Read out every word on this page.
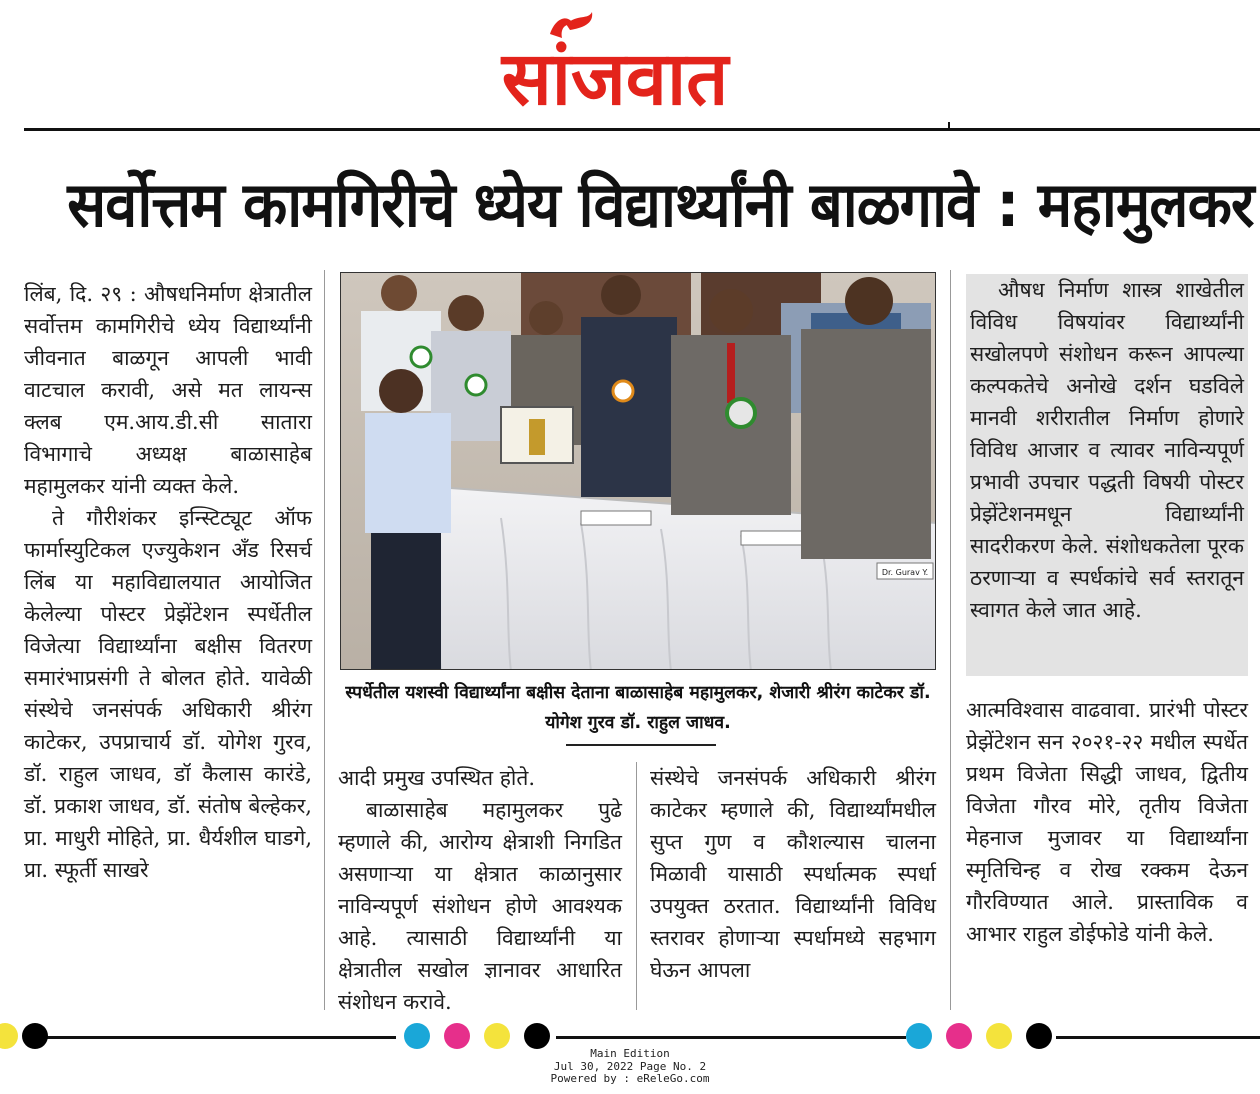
सांजवात
सर्वोत्तम कामगिरीचे ध्येय विद्यार्थ्यांनी बाळगावे : महामुलकर

लिंब, दि. २९ : औषधनिर्माण क्षेत्रातील सर्वोत्तम कामगिरीचे ध्येय विद्यार्थ्यांनी जीवनात बाळगून आपली भावी वाटचाल करावी, असे मत लायन्स क्लब एम.आय.डी.सी सातारा विभागाचे अध्यक्ष बाळासाहेब महामुलकर यांनी व्यक्त केले.

ते गौरीशंकर इन्स्टिट्यूट ऑफ फार्मास्युटिकल एज्युकेशन अँड रिसर्च लिंब या महाविद्यालयात आयोजित केलेल्या पोस्टर प्रेझेंटेशन स्पर्धेतील विजेत्या विद्यार्थ्यांना बक्षीस वितरण समारंभाप्रसंगी ते बोलत होते. यावेळी संस्थेचे जनसंपर्क अधिकारी श्रीरंग काटेकर, उपप्राचार्य डॉ. योगेश गुरव, डॉ. राहुल जाधव, डॉ कैलास कारंडे, डॉ. प्रकाश जाधव, डॉ. संतोष बेल्हेकर, प्रा. माधुरी मोहिते, प्रा. धैर्यशील घाडगे, प्रा. स्फूर्ती साखरे

Dr. Gurav Y.
स्पर्धेतील यशस्वी विद्यार्थ्यांना बक्षीस देताना बाळासाहेब महामुलकर, शेजारी श्रीरंग काटेकर डॉ. योगेश गुरव डॉ. राहुल जाधव.

आदी प्रमुख उपस्थित होते.

बाळासाहेब महामुलकर पुढे म्हणाले की, आरोग्य क्षेत्राशी निगडित असणाऱ्या या क्षेत्रात काळानुसार नाविन्यपूर्ण संशोधन होणे आवश्यक आहे. त्यासाठी विद्यार्थ्यांनी या क्षेत्रातील सखोल ज्ञानावर आधारित संशोधन करावे.

संस्थेचे जनसंपर्क अधिकारी श्रीरंग काटेकर म्हणाले की, विद्यार्थ्यांमधील सुप्त गुण व कौशल्यास चालना मिळावी यासाठी स्पर्धात्मक स्पर्धा उपयुक्त ठरतात. विद्यार्थ्यांनी विविध स्तरावर होणाऱ्या स्पर्धामध्ये सहभाग घेऊन आपला

औषध निर्माण शास्त्र शाखेतील विविध विषयांवर विद्यार्थ्यांनी सखोलपणे संशोधन करून आपल्या कल्पकतेचे अनोखे दर्शन घडविले मानवी शरीरातील निर्माण होणारे विविध आजार व त्यावर नाविन्यपूर्ण प्रभावी उपचार पद्धती विषयी पोस्टर प्रेझेंटेशनमधून विद्यार्थ्यांनी सादरीकरण केले. संशोधकतेला पूरक ठरणाऱ्या व स्पर्धकांचे सर्व स्तरातून स्वागत केले जात आहे.

आत्मविश्वास वाढवावा. प्रारंभी पोस्टर प्रेझेंटेशन सन २०२१-२२ मधील स्पर्धेत प्रथम विजेता सिद्धी जाधव, द्वितीय विजेता गौरव मोरे, तृतीय विजेता मेहनाज मुजावर या विद्यार्थ्यांना स्मृतिचिन्ह व रोख रक्कम देऊन गौरविण्यात आले. प्रास्ताविक व आभार राहुल डोईफोडे यांनी केले.

Main Edition
Jul 30, 2022 Page No. 2
Powered by : eReleGo.com
